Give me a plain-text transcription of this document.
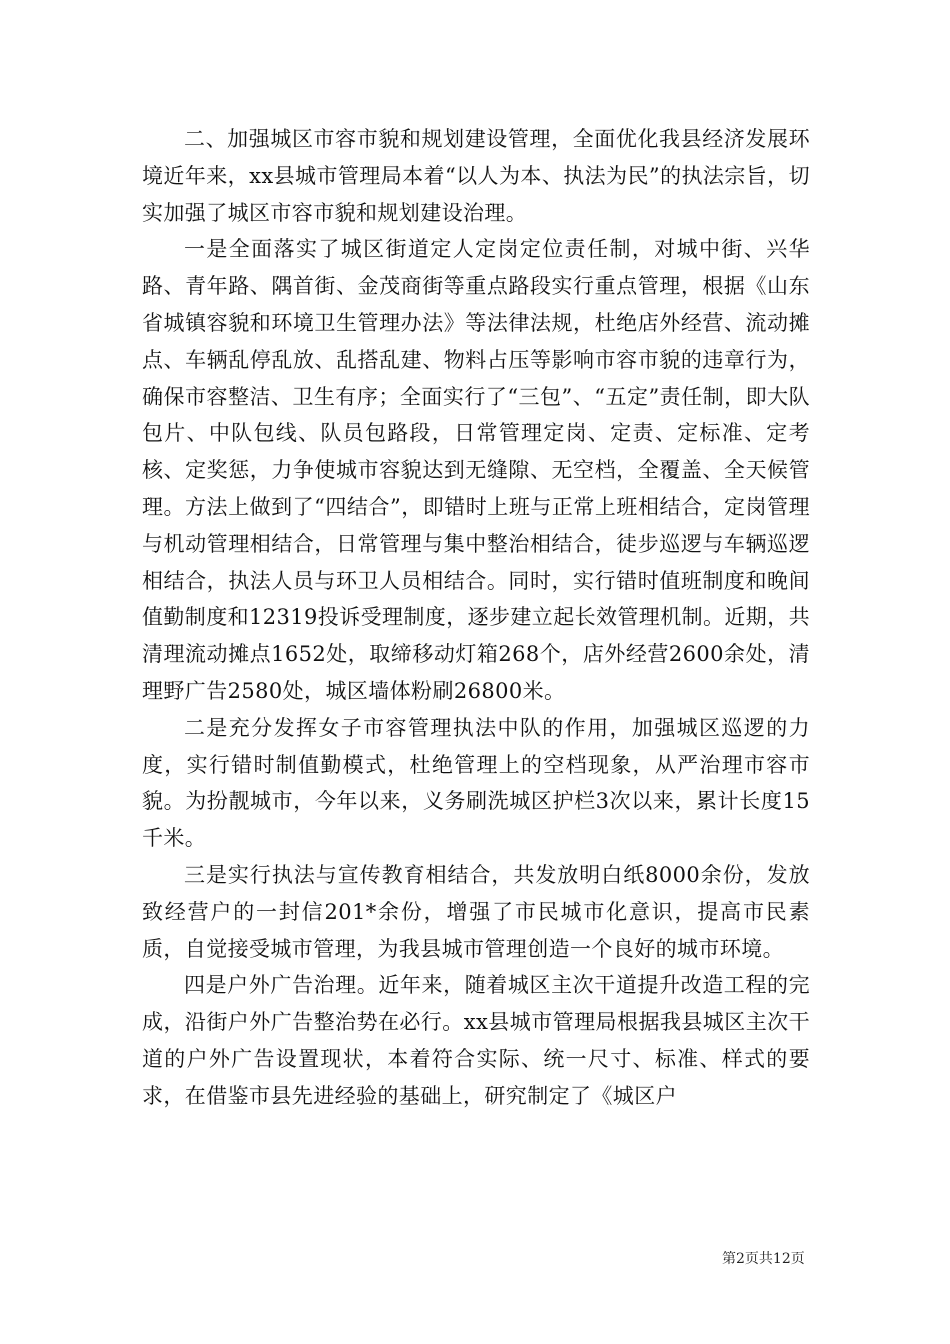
二、加强城区市容市貌和规划建设管理，全面优化我县经济发展环境近年来，xx县城市管理局本着“以人为本、执法为民”的执法宗旨，切实加强了城区市容市貌和规划建设治理。

一是全面落实了城区街道定人定岗定位责任制，对城中街、兴华路、青年路、隅首街、金茂商街等重点路段实行重点管理，根据《山东省城镇容貌和环境卫生管理办法》等法律法规，杜绝店外经营、流动摊点、车辆乱停乱放、乱搭乱建、物料占压等影响市容市貌的违章行为，确保市容整洁、卫生有序；全面实行了“三包”、“五定”责任制，即大队包片、中队包线、队员包路段，日常管理定岗、定责、定标准、定考核、定奖惩，力争使城市容貌达到无缝隙、无空档，全覆盖、全天候管理。方法上做到了“四结合”，即错时上班与正常上班相结合，定岗管理与机动管理相结合，日常管理与集中整治相结合，徒步巡逻与车辆巡逻相结合，执法人员与环卫人员相结合。同时，实行错时值班制度和晚间值勤制度和12319投诉受理制度，逐步建立起长效管理机制。近期，共清理流动摊点1652处，取缔移动灯箱268个，店外经营2600余处，清理野广告2580处，城区墙体粉刷26800米。

二是充分发挥女子市容管理执法中队的作用，加强城区巡逻的力度，实行错时制值勤模式，杜绝管理上的空档现象，从严治理市容市貌。为扮靓城市，今年以来，义务刷洗城区护栏3次以来，累计长度15千米。

三是实行执法与宣传教育相结合，共发放明白纸8000余份，发放致经营户的一封信201*余份，增强了市民城市化意识，提高市民素质，自觉接受城市管理，为我县城市管理创造一个良好的城市环境。

四是户外广告治理。近年来，随着城区主次干道提升改造工程的完成，沿街户外广告整治势在必行。xx县城市管理局根据我县城区主次干道的户外广告设置现状，本着符合实际、统一尺寸、标准、样式的要求，在借鉴市县先进经验的基础上，研究制定了《城区户

第2页共12页
